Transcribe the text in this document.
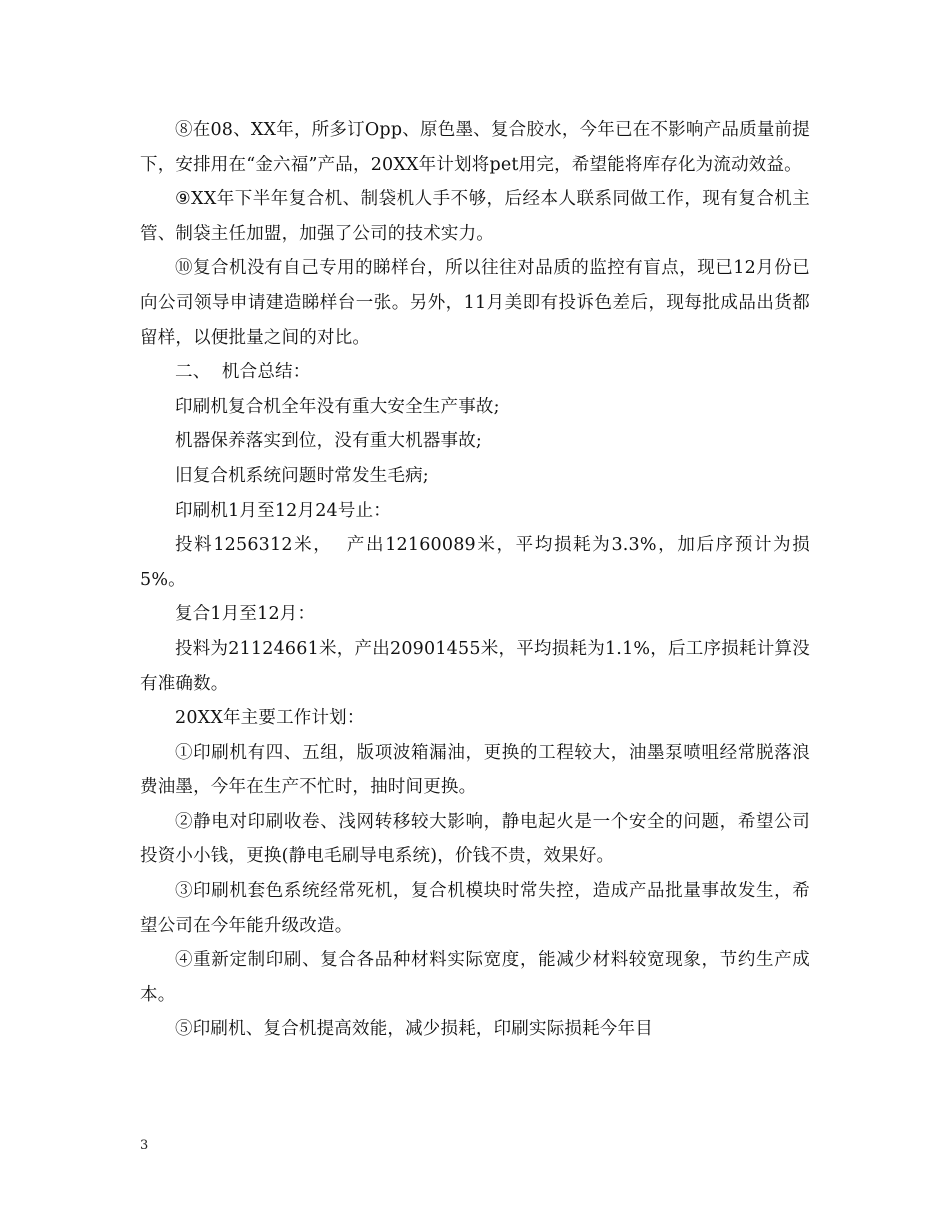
⑧在08、XX年，所多订Opp、原色墨、复合胶水，今年已在不影响产品质量前提下，安排用在“金六福”产品，20XX年计划将pet用完，希望能将库存化为流动效益。

⑨XX年下半年复合机、制袋机人手不够，后经本人联系同做工作，现有复合机主管、制袋主任加盟，加强了公司的技术实力。

⑩复合机没有自己专用的睇样台，所以往往对品质的监控有盲点，现已12月份已向公司领导申请建造睇样台一张。另外，11月美即有投诉色差后，现每批成品出货都留样，以便批量之间的对比。

二、  机合总结：

印刷机复合机全年没有重大安全生产事故;

机器保养落实到位，没有重大机器事故;

旧复合机系统问题时常发生毛病;

印刷机1月至12月24号止：

投料1256312米，  产出12160089米，平均损耗为3.3%，加后序预计为损5%。

复合1月至12月：

投料为21124661米，产出20901455米，平均损耗为1.1%，后工序损耗计算没有准确数。

20XX年主要工作计划：

①印刷机有四、五组，版项波箱漏油，更换的工程较大，油墨泵喷咀经常脱落浪费油墨，今年在生产不忙时，抽时间更换。

②静电对印刷收卷、浅网转移较大影响，静电起火是一个安全的问题，希望公司投资小小钱，更换(静电毛刷导电系统)，价钱不贵，效果好。

③印刷机套色系统经常死机，复合机模块时常失控，造成产品批量事故发生，希望公司在今年能升级改造。

④重新定制印刷、复合各品种材料实际宽度，能减少材料较宽现象，节约生产成本。

⑤印刷机、复合机提高效能，减少损耗，印刷实际损耗今年目

3
